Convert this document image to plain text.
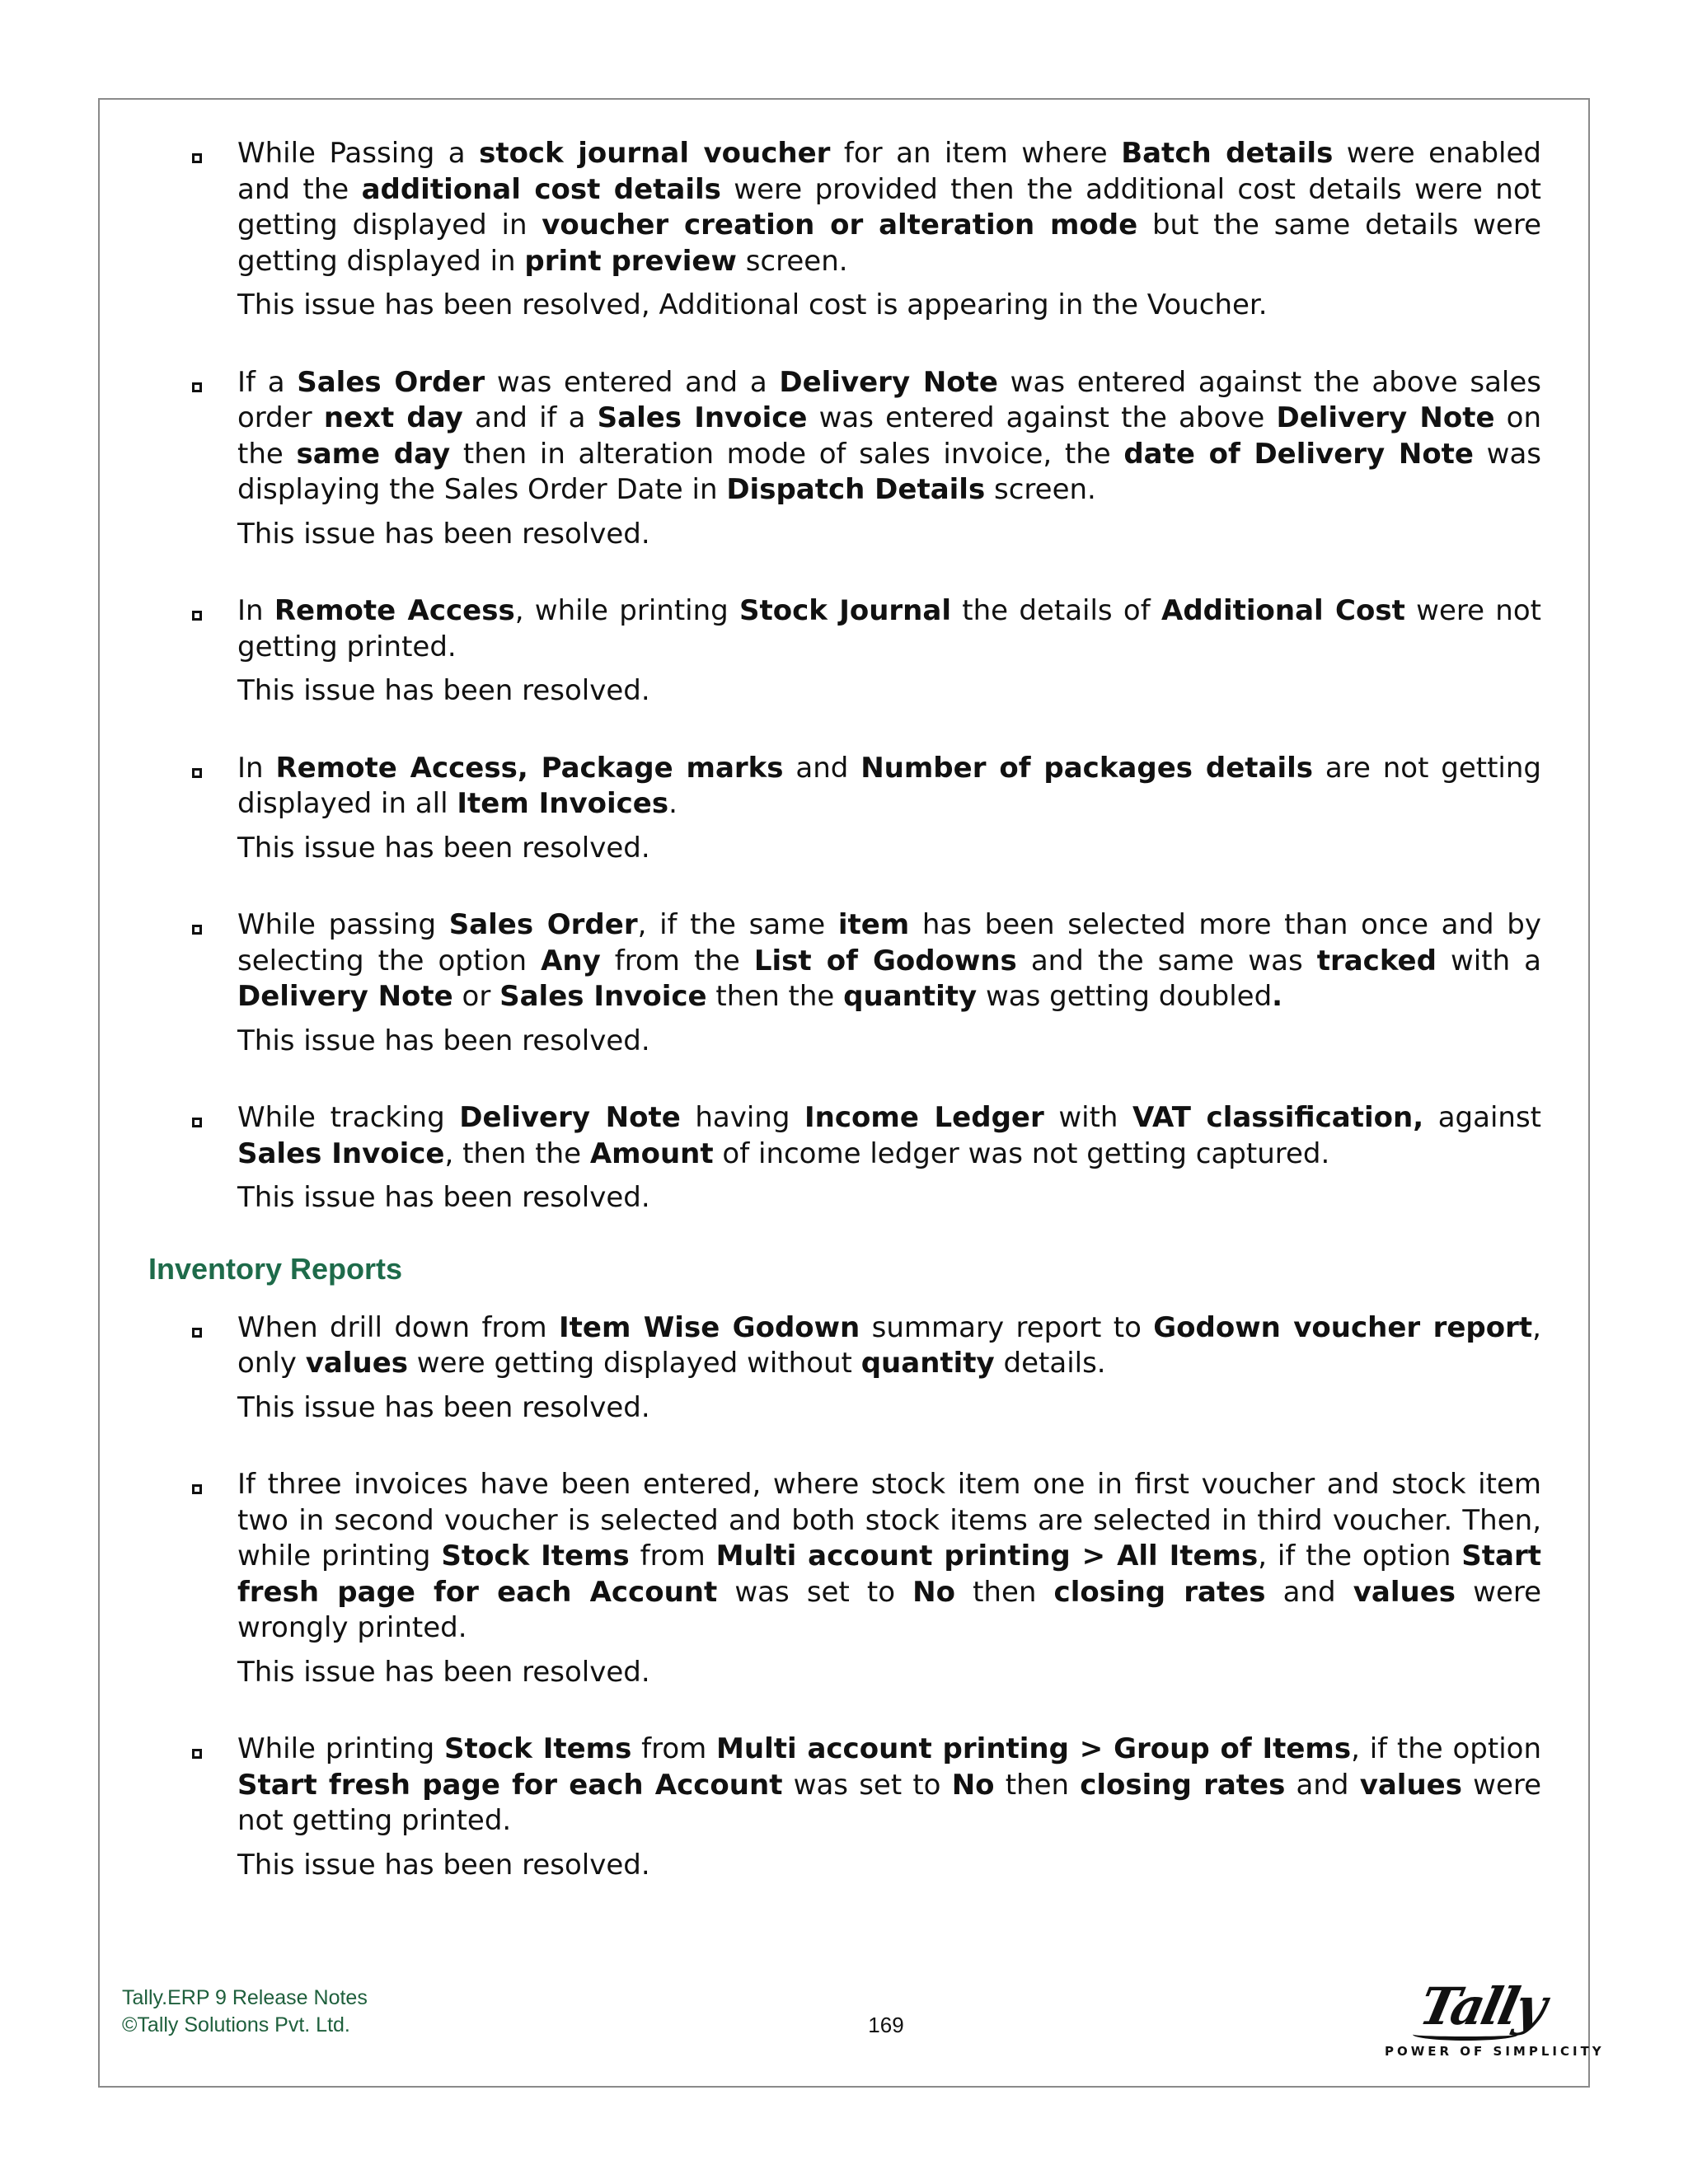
While Passing a stock journal voucher for an item where Batch details were enabled and the additional cost details were provided then the additional cost details were not getting displayed in voucher creation or alteration mode but the same details were getting displayed in print preview screen.

This issue has been resolved, Additional cost is appearing in the Voucher.

If a Sales Order was entered and a Delivery Note was entered against the above sales order next day and if a Sales Invoice was entered against the above Delivery Note on the same day then in alteration mode of sales invoice, the date of Delivery Note was displaying the Sales Order Date in Dispatch Details screen.

This issue has been resolved.

In Remote Access, while printing Stock Journal the details of Additional Cost were not getting printed.

This issue has been resolved.

In Remote Access, Package marks and Number of packages details are not getting displayed in all Item Invoices.

This issue has been resolved.

While passing Sales Order, if the same item has been selected more than once and by selecting the option Any from the List of Godowns and the same was tracked with a Delivery Note or Sales Invoice then the quantity was getting doubled.

This issue has been resolved.

While tracking Delivery Note having Income Ledger with VAT classification, against Sales Invoice, then the Amount of income ledger was not getting captured.

This issue has been resolved.

Inventory Reports

When drill down from Item Wise Godown summary report to Godown voucher report, only values were getting displayed without quantity details.

This issue has been resolved.

If three invoices have been entered, where stock item one in first voucher and stock item two in second voucher is selected and both stock items are selected in third voucher. Then, while printing Stock Items from Multi account printing > All Items, if the option Start fresh page for each Account was set to No then closing rates and values were wrongly printed.

This issue has been resolved.

While printing Stock Items from Multi account printing > Group of Items, if the option Start fresh page for each Account was set to No then closing rates and values were not getting printed.

This issue has been resolved.

Tally.ERP 9 Release Notes
©Tally Solutions Pvt. Ltd.	169	Tally
POWER OF SIMPLICITY
